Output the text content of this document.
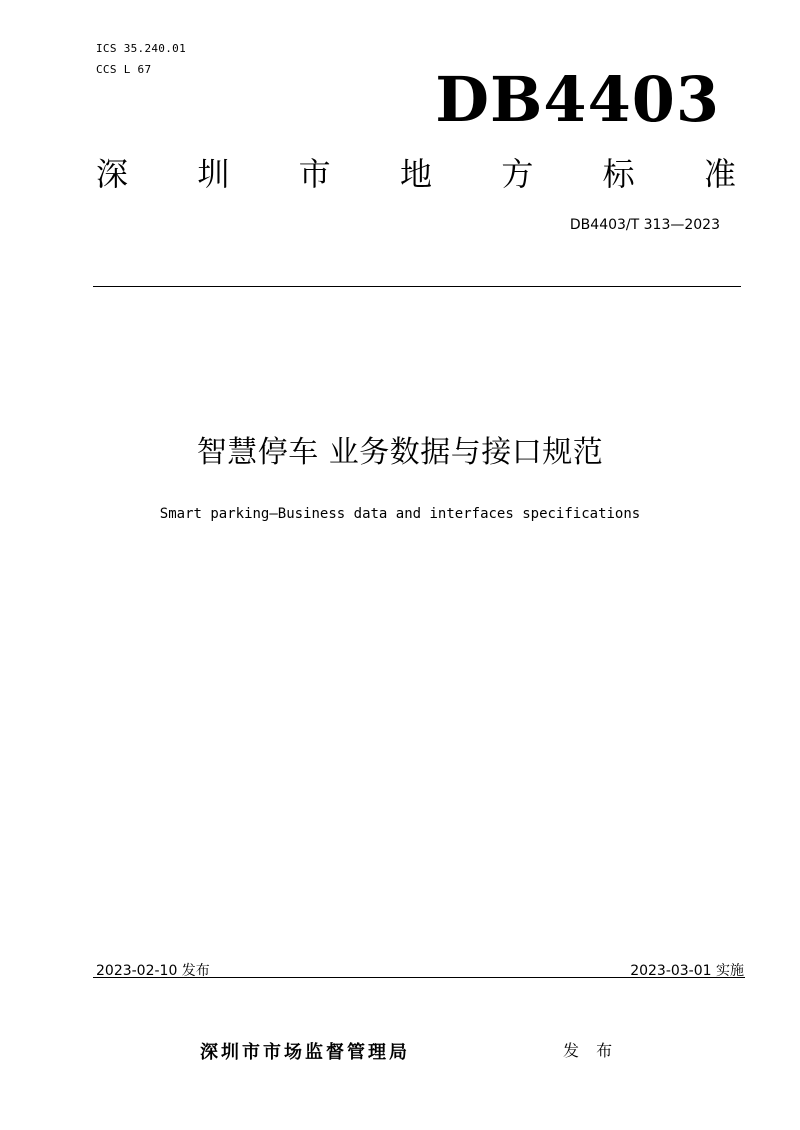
ICS 35.240.01
CCS L 67	DB4403
深 圳 市 地 方 标 准
DB4403/T 313—2023
智慧停车 业务数据与接口规范
Smart parking—Business data and interfaces specifications
2023-02-10 发布	2023-03-01 实施
深圳市市场监督管理局	发 布
